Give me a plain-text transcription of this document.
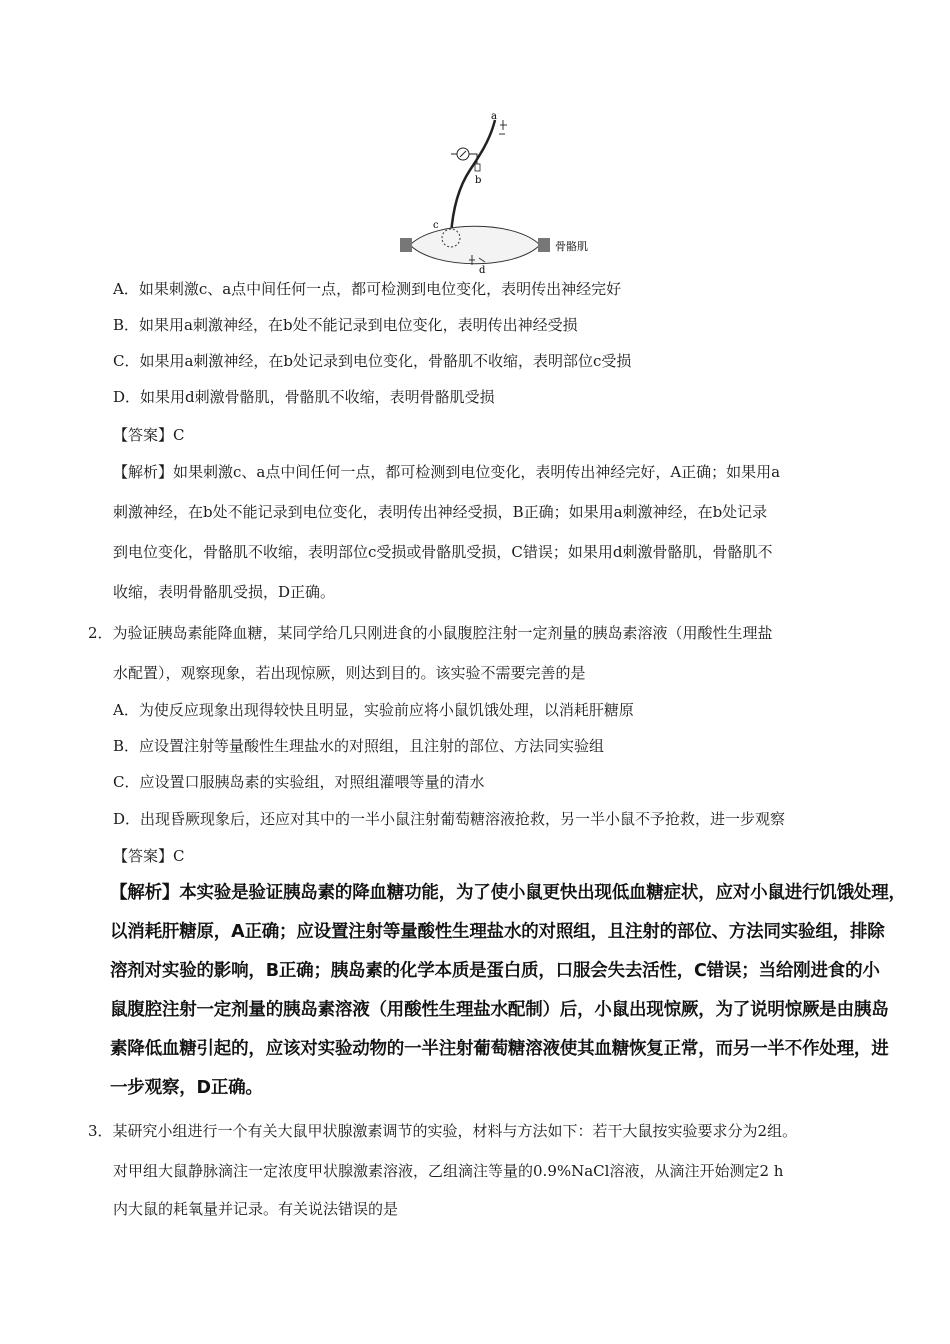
a
b
c
d
骨骼肌
A．如果刺激c、a点中间任何一点，都可检测到电位变化，表明传出神经完好
B．如果用a刺激神经，在b处不能记录到电位变化，表明传出神经受损
C．如果用a刺激神经，在b处记录到电位变化，骨骼肌不收缩，表明部位c受损
D．如果用d刺激骨骼肌，骨骼肌不收缩，表明骨骼肌受损
【答案】C
【解析】如果刺激c、a点中间任何一点，都可检测到电位变化，表明传出神经完好，A正确；如果用a
刺激神经，在b处不能记录到电位变化，表明传出神经受损，B正确；如果用a刺激神经，在b处记录
到电位变化，骨骼肌不收缩，表明部位c受损或骨骼肌受损，C错误；如果用d刺激骨骼肌，骨骼肌不
收缩，表明骨骼肌受损，D正确。
2．为验证胰岛素能降血糖，某同学给几只刚进食的小鼠腹腔注射一定剂量的胰岛素溶液（用酸性生理盐
水配置），观察现象，若出现惊厥，则达到目的。该实验不需要完善的是
A．为使反应现象出现得较快且明显，实验前应将小鼠饥饿处理，以消耗肝糖原
B．应设置注射等量酸性生理盐水的对照组，且注射的部位、方法同实验组
C．应设置口服胰岛素的实验组，对照组灌喂等量的清水
D．出现昏厥现象后，还应对其中的一半小鼠注射葡萄糖溶液抢救，另一半小鼠不予抢救，进一步观察
【答案】C
【解析】本实验是验证胰岛素的降血糖功能，为了使小鼠更快出现低血糖症状，应对小鼠进行饥饿处理，
以消耗肝糖原，A正确；应设置注射等量酸性生理盐水的对照组，且注射的部位、方法同实验组，排除
溶剂对实验的影响，B正确；胰岛素的化学本质是蛋白质，口服会失去活性，C错误；当给刚进食的小
鼠腹腔注射一定剂量的胰岛素溶液（用酸性生理盐水配制）后，小鼠出现惊厥，为了说明惊厥是由胰岛
素降低血糖引起的，应该对实验动物的一半注射葡萄糖溶液使其血糖恢复正常，而另一半不作处理，进
一步观察，D正确。
3．某研究小组进行一个有关大鼠甲状腺激素调节的实验，材料与方法如下：若干大鼠按实验要求分为2组。
对甲组大鼠静脉滴注一定浓度甲状腺激素溶液，乙组滴注等量的0.9%NaCl溶液，从滴注开始测定2 h
内大鼠的耗氧量并记录。有关说法错误的是
